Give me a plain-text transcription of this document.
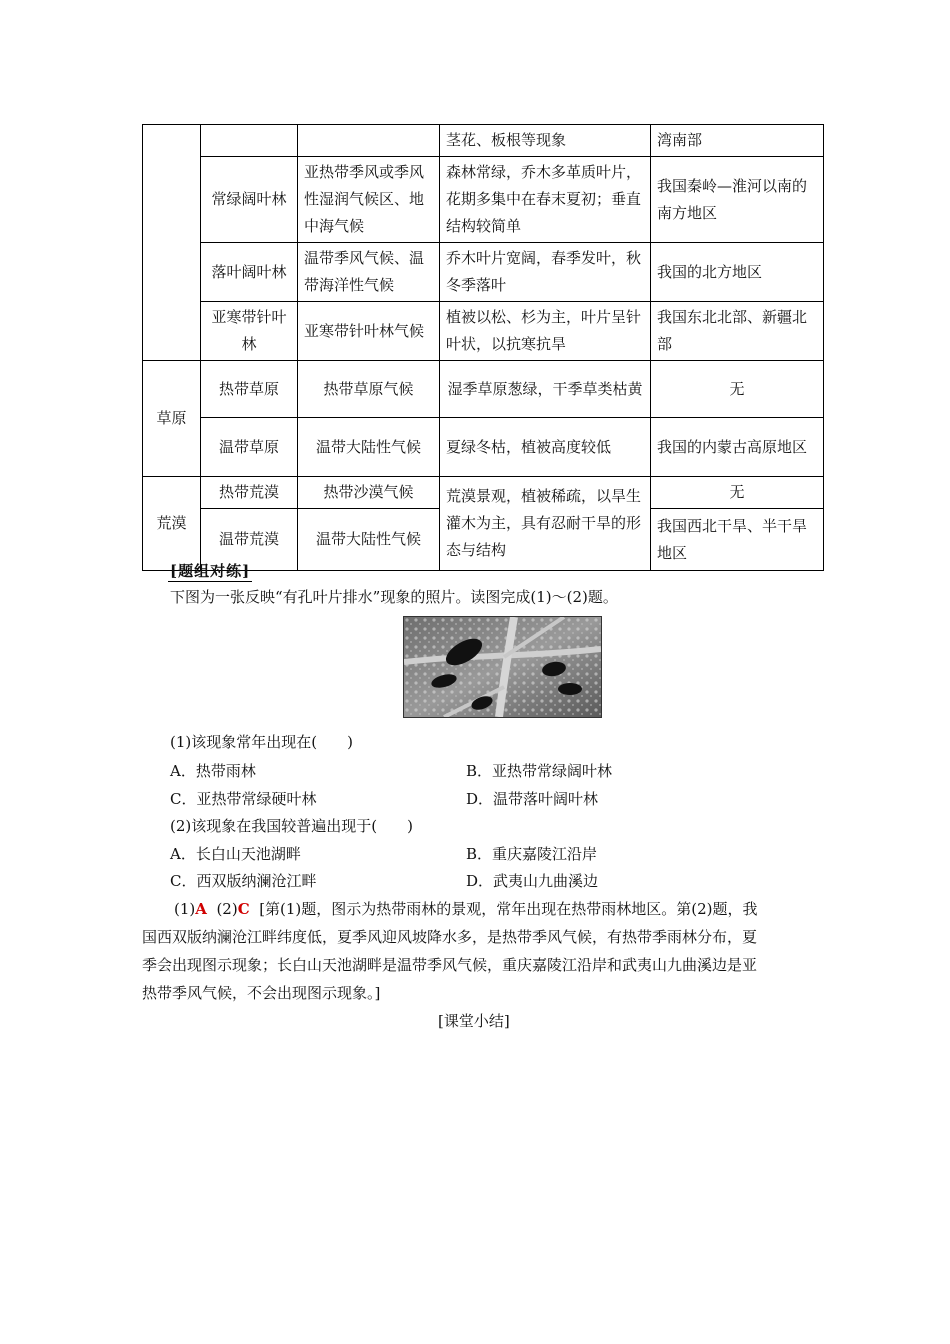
			茎花、板根等现象	湾南部
	常绿阔叶林	亚热带季风或季风性湿润气候区、地中海气候	森林常绿，乔木多革质叶片，花期多集中在春末夏初；垂直结构较简单	我国秦岭—淮河以南的南方地区
	落叶阔叶林	温带季风气候、温带海洋性气候	乔木叶片宽阔，春季发叶，秋冬季落叶	我国的北方地区
	亚寒带针叶林	亚寒带针叶林气候	植被以松、杉为主，叶片呈针叶状，以抗寒抗旱	我国东北北部、新疆北部
草原	热带草原	热带草原气候	湿季草原葱绿，干季草类枯黄	无
	温带草原	温带大陆性气候	夏绿冬枯，植被高度较低	我国的内蒙古高原地区
荒漠	热带荒漠	热带沙漠气候	荒漠景观，植被稀疏，以旱生灌木为主，具有忍耐干旱的形态与结构	无
	温带荒漠	温带大陆性气候		我国西北干旱、半干旱地区
[题组对练]
下图为一张反映“有孔叶片排水”现象的照片。读图完成(1)～(2)题。
(1)该现象常年出现在(　　)
A．热带雨林	B．亚热带常绿阔叶林
C．亚热带常绿硬叶林	D．温带落叶阔叶林
(2)该现象在我国较普遍出现于(　　)
A．长白山天池湖畔	B．重庆嘉陵江沿岸
C．西双版纳澜沧江畔	D．武夷山九曲溪边
(1)A (2)C [第(1)题，图示为热带雨林的景观，常年出现在热带雨林地区。第(2)题，我
国西双版纳澜沧江畔纬度低，夏季风迎风坡降水多，是热带季风气候，有热带季雨林分布，夏
季会出现图示现象；长白山天池湖畔是温带季风气候，重庆嘉陵江沿岸和武夷山九曲溪边是亚
热带季风气候，不会出现图示现象。]
[课堂小结]
